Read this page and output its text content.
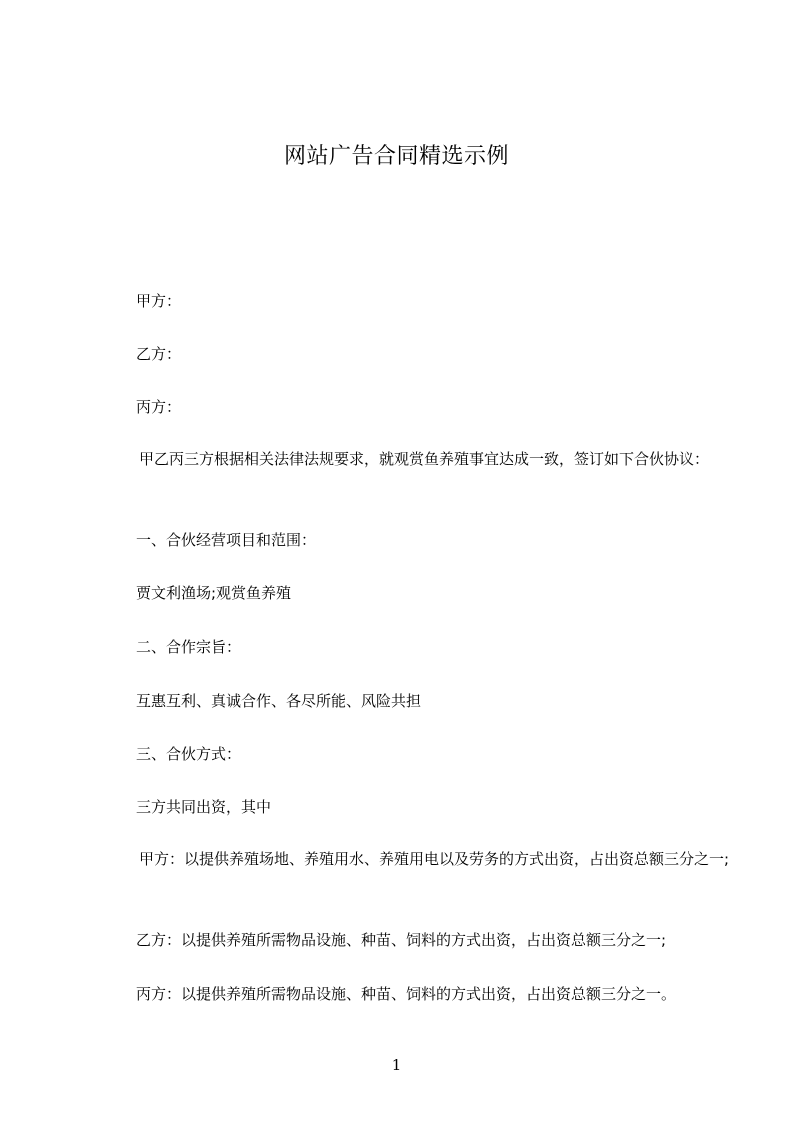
网站广告合同精选示例
甲方：
乙方：
丙方：
甲乙丙三方根据相关法律法规要求，就观赏鱼养殖事宜达成一致，签订如下合伙协议：
一、合伙经营项目和范围：
贾文利渔场;观赏鱼养殖
二、合作宗旨：
互惠互利、真诚合作、各尽所能、风险共担
三、合伙方式：
三方共同出资，其中
甲方：以提供养殖场地、养殖用水、养殖用电以及劳务的方式出资，占出资总额三分之一;
乙方：以提供养殖所需物品设施、种苗、饲料的方式出资，占出资总额三分之一;
丙方：以提供养殖所需物品设施、种苗、饲料的方式出资，占出资总额三分之一。
1
